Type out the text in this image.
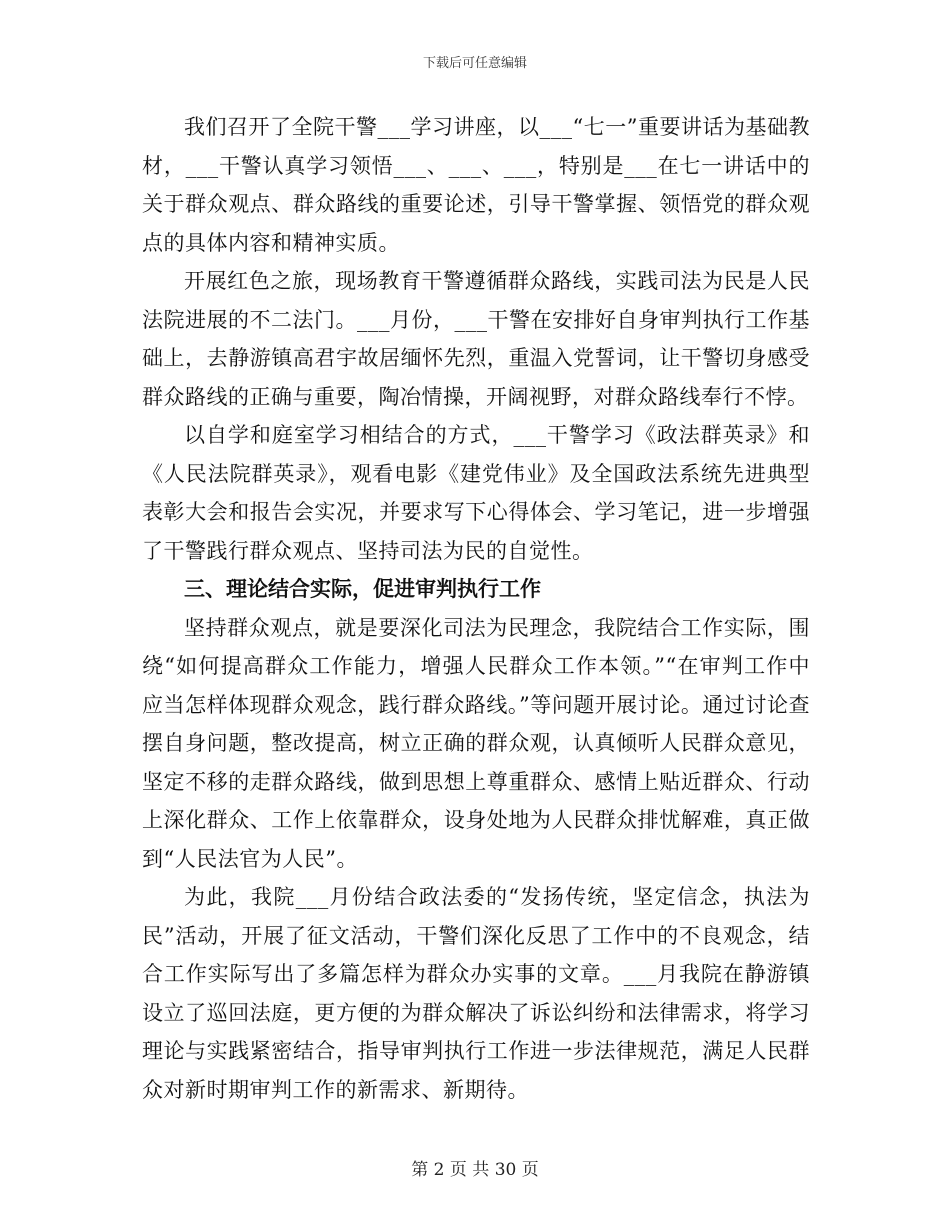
下载后可任意编辑

我们召开了全院干警___学习讲座，以___“七一”重要讲话为基础教材，___干警认真学习领悟___、___、___，特别是___在七一讲话中的关于群众观点、群众路线的重要论述，引导干警掌握、领悟党的群众观点的具体内容和精神实质。

开展红色之旅，现场教育干警遵循群众路线，实践司法为民是人民法院进展的不二法门。___月份，___干警在安排好自身审判执行工作基础上，去静游镇高君宇故居缅怀先烈，重温入党誓词，让干警切身感受群众路线的正确与重要，陶冶情操，开阔视野，对群众路线奉行不悖。

以自学和庭室学习相结合的方式，___干警学习《政法群英录》和《人民法院群英录》，观看电影《建党伟业》及全国政法系统先进典型表彰大会和报告会实况，并要求写下心得体会、学习笔记，进一步增强了干警践行群众观点、坚持司法为民的自觉性。

三、理论结合实际，促进审判执行工作

坚持群众观点，就是要深化司法为民理念，我院结合工作实际，围绕“如何提高群众工作能力，增强人民群众工作本领。”“在审判工作中应当怎样体现群众观念，践行群众路线。”等问题开展讨论。通过讨论查摆自身问题，整改提高，树立正确的群众观，认真倾听人民群众意见，坚定不移的走群众路线，做到思想上尊重群众、感情上贴近群众、行动上深化群众、工作上依靠群众，设身处地为人民群众排忧解难，真正做到“人民法官为人民”。

为此，我院___月份结合政法委的“发扬传统，坚定信念，执法为民”活动，开展了征文活动，干警们深化反思了工作中的不良观念，结合工作实际写出了多篇怎样为群众办实事的文章。___月我院在静游镇设立了巡回法庭，更方便的为群众解决了诉讼纠纷和法律需求，将学习理论与实践紧密结合，指导审判执行工作进一步法律规范，满足人民群众对新时期审判工作的新需求、新期待。

第 2 页 共 30 页
